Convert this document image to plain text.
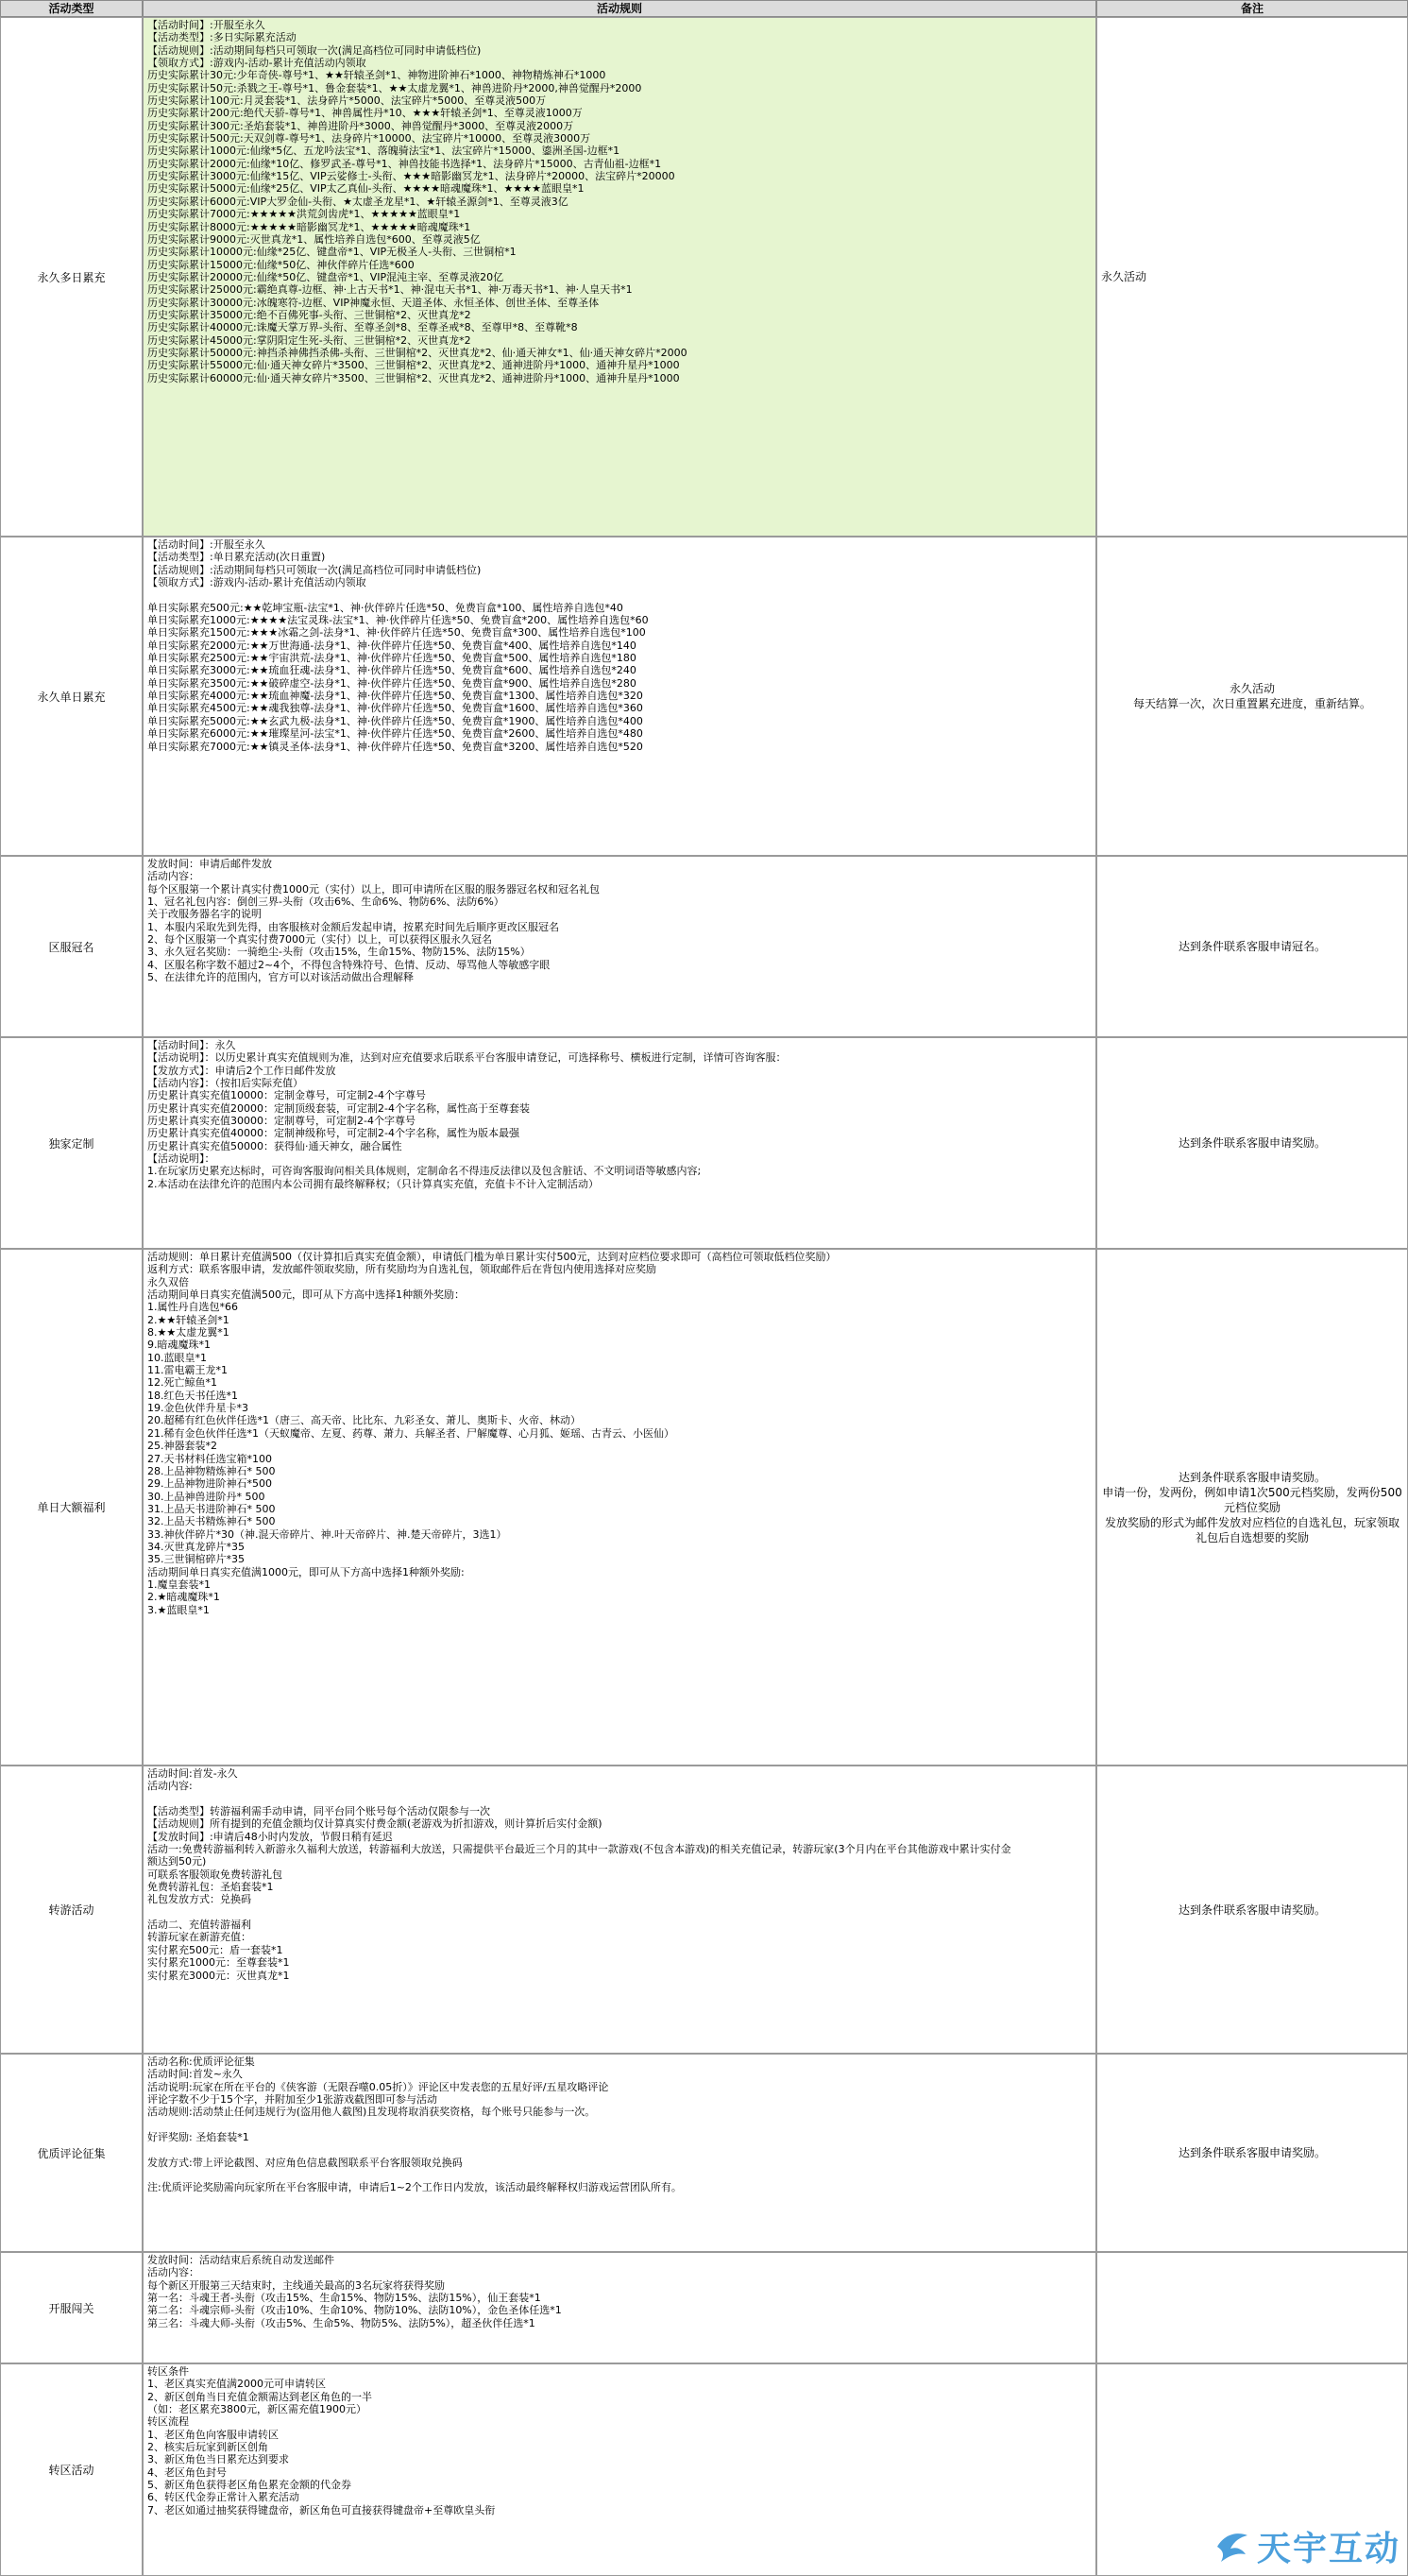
活动类型	活动规则	备注
永久多日累充
【活动时间】:开服至永久
【活动类型】:多日实际累充活动
【活动规则】:活动期间每档只可领取一次(满足高档位可同时申请低档位)
【领取方式】:游戏内-活动-累计充值活动内领取
历史实际累计30元:少年奇侠-尊号*1、★★轩辕圣剑*1、神物进阶神石*1000、神物精炼神石*1000
历史实际累计50元:杀戮之王-尊号*1、鲁金套装*1、★★太虚龙翼*1、神兽进阶丹*2000,神兽觉醒丹*2000
历史实际累计100元:月灵套装*1、法身碎片*5000、法宝碎片*5000、至尊灵液500万
历史实际累计200元:绝代天骄-尊号*1、神兽属性丹*10、★★★轩辕圣剑*1、至尊灵液1000万
历史实际累计300元:圣焰套装*1、神兽进阶丹*3000、神兽觉醒丹*3000、至尊灵液2000万
历史实际累计500元:天双剑尊-尊号*1、法身碎片*10000、法宝碎片*10000、至尊灵液3000万
历史实际累计1000元:仙缘*5亿、五龙吟法宝*1、落魄骑法宝*1、法宝碎片*15000、鎏洲圣国-边框*1
历史实际累计2000元:仙缘*10亿、修罗武圣-尊号*1、神兽技能书选择*1、法身碎片*15000、古青仙祖-边框*1
历史实际累计3000元:仙缘*15亿、VIP云娑修士-头衔、★★★暗影幽冥龙*1、法身碎片*20000、法宝碎片*20000
历史实际累计5000元:仙缘*25亿、VIP太乙真仙-头衔、★★★★暗魂魔珠*1、★★★★蓝眼皇*1
历史实际累计6000元:VIP大罗金仙-头衔、★太虚圣龙星*1、★轩辕圣源剑*1、至尊灵液3亿
历史实际累计7000元:★★★★★洪荒剑齿虎*1、★★★★★蓝眼皇*1
历史实际累计8000元:★★★★★暗影幽冥龙*1、★★★★★暗魂魔珠*1
历史实际累计9000元:灭世真龙*1、属性培养自选包*600、至尊灵液5亿
历史实际累计10000元:仙缘*25亿、键盘帝*1、VIP无极圣人-头衔、三世铜棺*1
历史实际累计15000元:仙缘*50亿、神伙伴碎片任选*600
历史实际累计20000元:仙缘*50亿、键盘帝*1、VIP混沌主宰、至尊灵液20亿
历史实际累计25000元:霸绝真尊-边框、神·上古天书*1、神·混屯天书*1、神·万毒天书*1、神·人皇天书*1
历史实际累计30000元:冰魄寒符-边框、VIP神魔永恒、天道圣体、永恒圣体、创世圣体、至尊圣体
历史实际累计35000元:绝不百佛死事-头衔、三世铜棺*2、灭世真龙*2
历史实际累计40000元:诛魔天掌万界-头衔、至尊圣剑*8、至尊圣戒*8、至尊甲*8、至尊靴*8
历史实际累计45000元:掌阴阳定生死-头衔、三世铜棺*2、灭世真龙*2
历史实际累计50000元:神挡杀神佛挡杀佛-头衔、三世铜棺*2、灭世真龙*2、仙·通天神女*1、仙·通天神女碎片*2000
历史实际累计55000元:仙·通天神女碎片*3500、三世铜棺*2、灭世真龙*2、通神进阶丹*1000、通神升星丹*1000
历史实际累计60000元:仙·通天神女碎片*3500、三世铜棺*2、灭世真龙*2、通神进阶丹*1000、通神升星丹*1000
永久活动
永久单日累充
【活动时间】:开服至永久
【活动类型】:单日累充活动(次日重置)
【活动规则】:活动期间每档只可领取一次(满足高档位可同时申请低档位)
【领取方式】:游戏内-活动-累计充值活动内领取
单日实际累充500元:★★乾坤宝瓶-法宝*1、神·伙伴碎片任选*50、免费盲盒*100、属性培养自选包*40
单日实际累充1000元:★★★★法宝灵珠-法宝*1、神·伙伴碎片任选*50、免费盲盒*200、属性培养自选包*60
单日实际累充1500元:★★★冰霜之剑-法身*1、神·伙伴碎片任选*50、免费盲盒*300、属性培养自选包*100
单日实际累充2000元:★★万世海通-法身*1、神·伙伴碎片任选*50、免费盲盒*400、属性培养自选包*140
单日实际累充2500元:★★宇宙洪荒-法身*1、神·伙伴碎片任选*50、免费盲盒*500、属性培养自选包*180
单日实际累充3000元:★★琉血狂魂-法身*1、神·伙伴碎片任选*50、免费盲盒*600、属性培养自选包*240
单日实际累充3500元:★★破碎虚空-法身*1、神·伙伴碎片任选*50、免费盲盒*900、属性培养自选包*280
单日实际累充4000元:★★琉血神魔-法身*1、神·伙伴碎片任选*50、免费盲盒*1300、属性培养自选包*320
单日实际累充4500元:★★魂我独尊-法身*1、神·伙伴碎片任选*50、免费盲盒*1600、属性培养自选包*360
单日实际累充5000元:★★玄武九极-法身*1、神·伙伴碎片任选*50、免费盲盒*1900、属性培养自选包*400
单日实际累充6000元:★★璀璨星河-法宝*1、神·伙伴碎片任选*50、免费盲盒*2600、属性培养自选包*480
单日实际累充7000元:★★镇灵圣体-法身*1、神·伙伴碎片任选*50、免费盲盒*3200、属性培养自选包*520
永久活动
每天结算一次，次日重置累充进度，重新结算。
区服冠名
发放时间：申请后邮件发放
活动内容：
每个区服第一个累计真实付费1000元（实付）以上，即可申请所在区服的服务器冠名权和冠名礼包
1、冠名礼包内容：倒创三界-头衔（攻击6%、生命6%、物防6%、法防6%）
关于改服务器名字的说明
1、本服内采取先到先得，由客服核对金额后发起申请，按累充时间先后顺序更改区服冠名
2、每个区服第一个真实付费7000元（实付）以上，可以获得区服永久冠名
3、永久冠名奖励：一骑绝尘-头衔（攻击15%，生命15%、物防15%、法防15%）
4、区服名称字数不超过2~4个，不得包含特殊符号、色情、反动、辱骂他人等敏感字眼
5、在法律允许的范围内，官方可以对该活动做出合理解释
达到条件联系客服申请冠名。
独家定制
【活动时间】：永久
【活动说明】：以历史累计真实充值规则为准，达到对应充值要求后联系平台客服申请登记，可选择称号、横板进行定制，详情可咨询客服：
【发放方式】：申请后2个工作日邮件发放
【活动内容】：（按扣后实际充值）
历史累计真实充值10000：定制金尊号，可定制2-4个字尊号
历史累计真实充值20000：定制顶级套装，可定制2-4个字名称，属性高于至尊套装
历史累计真实充值30000：定制尊号，可定制2-4个字尊号
历史累计真实充值40000：定制神级称号，可定制2-4个字名称，属性为版本最强
历史累计真实充值50000：获得仙·通天神女，融合属性
【活动说明】：
1.在玩家历史累充达标时，可咨询客服询问相关具体规则，定制命名不得违反法律以及包含脏话、不文明词语等敏感内容;
2.本活动在法律允许的范围内本公司拥有最终解释权；（只计算真实充值，充值卡不计入定制活动）
达到条件联系客服申请奖励。
单日大额福利
活动规则：单日累计充值满500（仅计算扣后真实充值金额），申请低门槛为单日累计实付500元，达到对应档位要求即可（高档位可领取低档位奖励）
返利方式：联系客服申请，发放邮件领取奖励，所有奖励均为自选礼包，领取邮件后在背包内使用选择对应奖励
永久双倍
活动期间单日真实充值满500元，即可从下方高中选择1种额外奖励：
1.属性丹自选包*66
2.★★轩辕圣剑*1
8.★★太虚龙翼*1
9.暗魂魔珠*1
10.蓝眼皇*1
11.雷电霸王龙*1
12.死亡鲸鱼*1
18.红色天书任选*1
19.金色伙伴升星卡*3
20.超稀有红色伙伴任选*1（唐三、高天帝、比比东、九彩圣女、萧儿、奥斯卡、火帝、林动）
21.稀有金色伙伴任选*1（天蚁魔帝、左夏、药尊、萧力、兵解圣者、尸解魔尊、心月狐、姬瑶、古青云、小医仙）
25.神器套装*2
27.天书材料任选宝箱*100
28.上品神物精炼神石* 500
29.上品神物进阶神石*500
30.上品神兽进阶丹* 500
31.上品天书进阶神石* 500
32.上品天书精炼神石* 500
33.神伙伴碎片*30（神.混天帝碎片、神.叶天帝碎片、神.楚天帝碎片，3选1）
34.灭世真龙碎片*35
35.三世铜棺碎片*35
活动期间单日真实充值满1000元，即可从下方高中选择1种额外奖励:
1.魔皇套装*1
2.★暗魂魔珠*1
3.★蓝眼皇*1
达到条件联系客服申请奖励。
申请一份，发两份，例如申请1次500元档奖励，发两份500元档位奖励
发放奖励的形式为邮件发放对应档位的自选礼包，玩家领取礼包后自选想要的奖励
转游活动
活动时间:首发-永久
活动内容:
【活动类型】转游福利需手动申请，同平台同个账号每个活动仅限参与一次
【活动规则】所有提到的充值金额均仅计算真实付费金额(老游戏为折扣游戏，则计算折后实付金额)
【发放时间】:申请后48小时内发放，节假日稍有延迟
活动一:免费转游福利转入新游永久福利大放送，转游福利大放送，只需提供平台最近三个月的其中一款游戏(不包含本游戏)的相关充值记录，转游玩家(3个月内在平台其他游戏中累计实付金
额达到50元)
可联系客服领取免费转游礼包
免费转游礼包：圣焰套装*1
礼包发放方式：兑换码
活动二、充值转游福利
转游玩家在新游充值：
实付累充500元：盾一套装*1
实付累充1000元：至尊套装*1
实付累充3000元：灭世真龙*1
达到条件联系客服申请奖励。
优质评论征集
活动名称:优质评论征集
活动时间:首发~永久
活动说明:玩家在所在平台的《侠客游（无限吞噬0.05折）》评论区中发表您的五星好评/五星攻略评论
评论字数不少于15个字，并附加至少1张游戏截图即可参与活动
活动规则:活动禁止任何违规行为(盗用他人截图)且发现将取消获奖资格，每个账号只能参与一次。
好评奖励: 圣焰套装*1
发放方式:带上评论截图、对应角色信息截图联系平台客服领取兑换码
注:优质评论奖励需向玩家所在平台客服申请，申请后1~2个工作日内发放，该活动最终解释权归游戏运营团队所有。
达到条件联系客服申请奖励。
开服闯关
发放时间：活动结束后系统自动发送邮件
活动内容：
每个新区开服第三天结束时，主线通关最高的3名玩家将获得奖励
第一名：斗魂王者-头衔（攻击15%、生命15%、物防15%、法防15%），仙王套装*1
第二名：斗魂宗师-头衔（攻击10%、生命10%、物防10%、法防10%），金色圣体任选*1
第三名：斗魂大师-头衔（攻击5%、生命5%、物防5%、法防5%），超圣伙伴任选*1
转区活动
转区条件
1、老区真实充值满2000元可申请转区
2、新区创角当日充值金额需达到老区角色的一半
（如：老区累充3800元，新区需充值1900元）
转区流程
1、老区角色向客服申请转区
2、核实后玩家到新区创角
3、新区角色当日累充达到要求
4、老区角色封号
5、新区角色获得老区角色累充金额的代金券
6、转区代金券正常计入累充活动
7、老区如通过抽奖获得键盘帝，新区角色可直接获得键盘帝+至尊欧皇头衔
天宇互动
